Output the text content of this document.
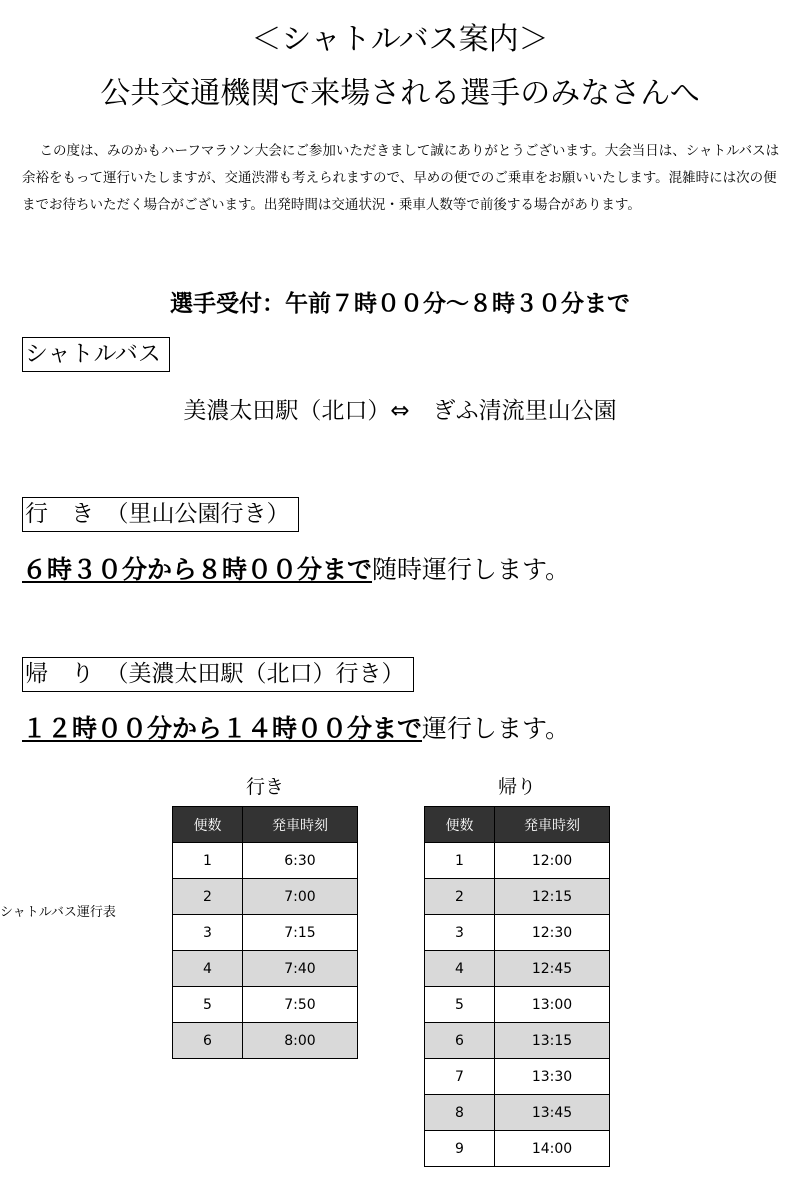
＜シャトルバス案内＞
公共交通機関で来場される選手のみなさんへ

この度は、みのかもハーフマラソン大会にご参加いただきまして誠にありがとうございます。大会当日は、シャトルバスは余裕をもって運行いたしますが、交通渋滞も考えられますので、早めの便でのご乗車をお願いいたします。混雑時には次の便までお待ちいただく場合がございます。出発時間は交通状況・乗車人数等で前後する場合があります。

選手受付：午前７時００分～８時３０分まで
シャトルバス
美濃太田駅（北口）⇔　ぎふ清流里山公園
行　き　（里山公園行き）
６時３０分から８時００分まで随時運行します。
帰　り　（美濃太田駅（北口）行き）
１２時００分から１４時００分まで運行します。
シャトルバス運行表
行き	帰り
便数	発車時刻
1	6:30
2	7:00
3	7:15
4	7:40
5	7:50
6	8:00
便数	発車時刻
1	12:00
2	12:15
3	12:30
4	12:45
5	13:00
6	13:15
7	13:30
8	13:45
9	14:00
